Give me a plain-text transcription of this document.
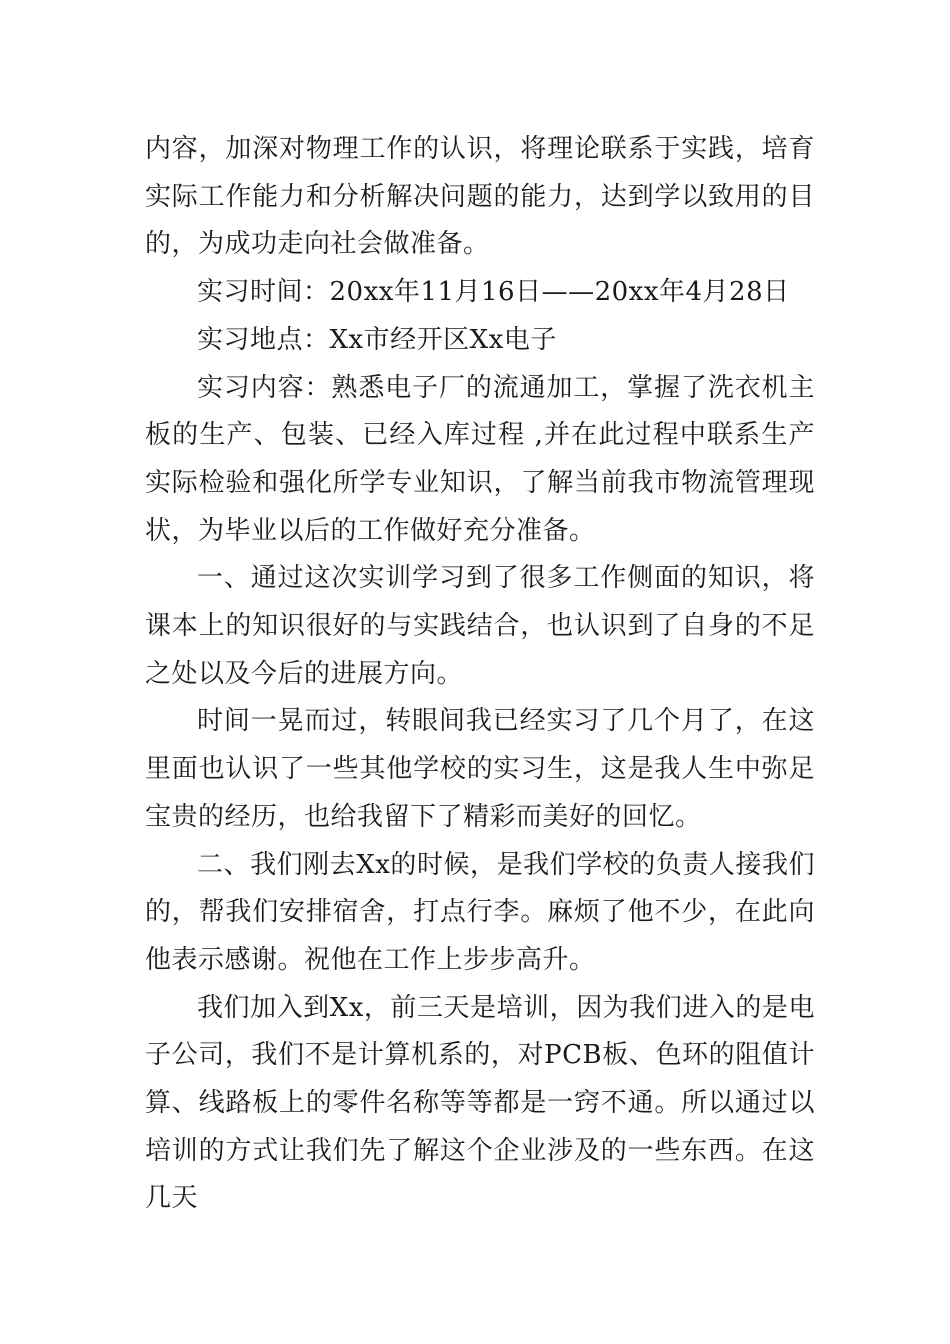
内容，加深对物理工作的认识，将理论联系于实践，培育实际工作能力和分析解决问题的能力，达到学以致用的目的，为成功走向社会做准备。

实习时间：20xx年11月16日——20xx年4月28日

实习地点：Xx市经开区Xx电子

实习内容：熟悉电子厂的流通加工，掌握了洗衣机主板的生产、包装、已经入库过程 ,并在此过程中联系生产实际检验和强化所学专业知识，了解当前我市物流管理现状，为毕业以后的工作做好充分准备。

一、通过这次实训学习到了很多工作侧面的知识，将课本上的知识很好的与实践结合，也认识到了自身的不足之处以及今后的进展方向。

时间一晃而过，转眼间我已经实习了几个月了，在这里面也认识了一些其他学校的实习生，这是我人生中弥足宝贵的经历，也给我留下了精彩而美好的回忆。

二、我们刚去Xx的时候，是我们学校的负责人接我们的，帮我们安排宿舍，打点行李。麻烦了他不少，在此向他表示感谢。祝他在工作上步步高升。

我们加入到Xx，前三天是培训，因为我们进入的是电子公司，我们不是计算机系的，对PCB板、色环的阻值计算、线路板上的零件名称等等都是一窍不通。所以通过以培训的方式让我们先了解这个企业涉及的一些东西。在这几天
